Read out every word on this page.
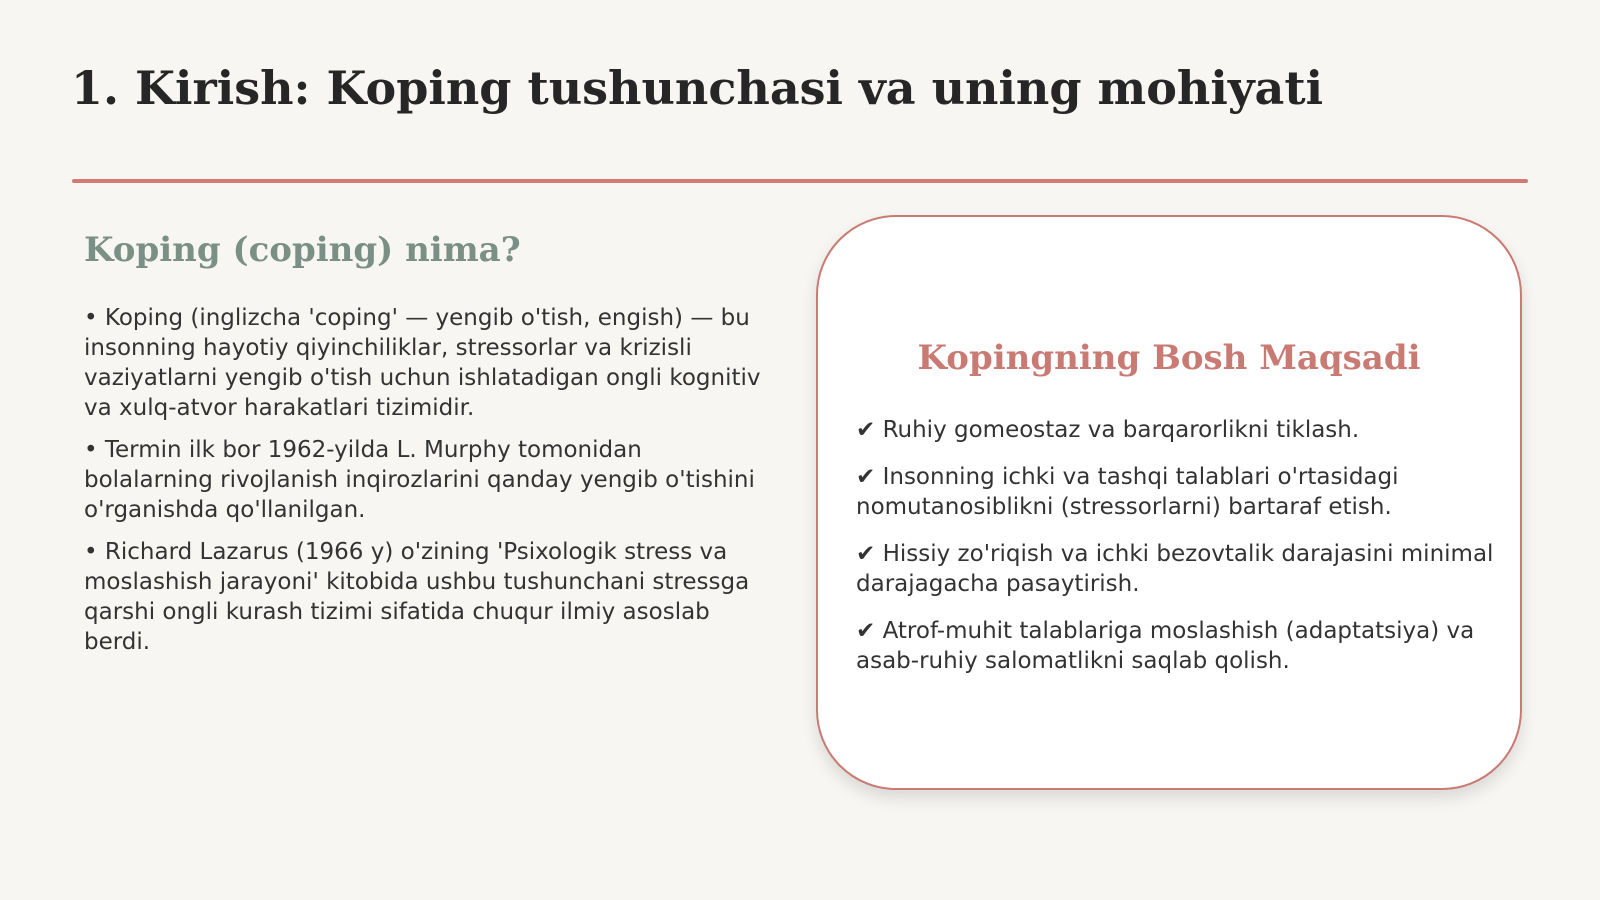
1. Kirish: Koping tushunchasi va uning mohiyati
Koping (coping) nima?

• Koping (inglizcha 'coping' — yengib o'tish, engish) — bu insonning hayotiy qiyinchiliklar, stressorlar va krizisli vaziyatlarni yengib o'tish uchun ishlatadigan ongli kognitiv va xulq-atvor harakatlari tizimidir.

• Termin ilk bor 1962-yilda L. Murphy tomonidan bolalarning rivojlanish inqirozlarini qanday yengib o'tishini o'rganishda qo'llanilgan.

• Richard Lazarus (1966 y) o'zining 'Psixologik stress va moslashish jarayoni' kitobida ushbu tushunchani stressga qarshi ongli kurash tizimi sifatida chuqur ilmiy asoslab berdi.

Kopingning Bosh Maqsadi

✔ Ruhiy gomeostaz va barqarorlikni tiklash.

✔ Insonning ichki va tashqi talablari o'rtasidagi nomutanosiblikni (stressorlarni) bartaraf etish.

✔ Hissiy zo'riqish va ichki bezovtalik darajasini minimal darajagacha pasaytirish.

✔ Atrof-muhit talablariga moslashish (adaptatsiya) va asab-ruhiy salomatlikni saqlab qolish.
